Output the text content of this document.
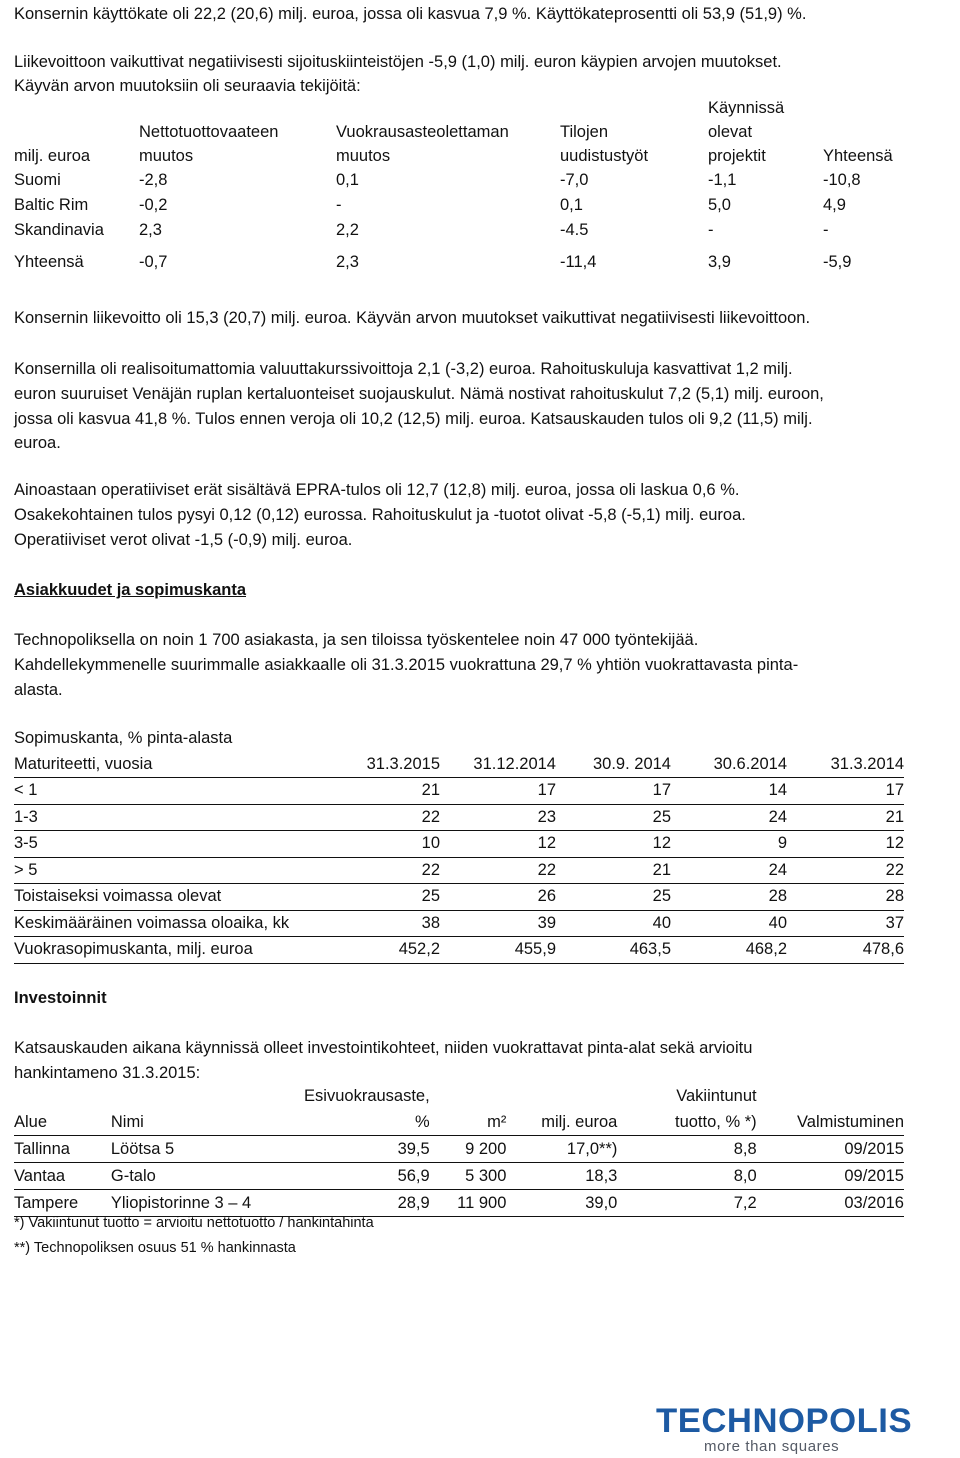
Konsernin käyttökate oli 22,2 (20,6) milj. euroa, jossa oli kasvua 7,9 %. Käyttökateprosentti oli 53,9 (51,9) %.

Liikevoittoon vaikuttivat negatiivisesti sijoituskiinteistöjen -5,9 (1,0) milj. euron käypien arvojen muutokset.

Käyvän arvon muutoksiin oli seuraavia tekijöitä:

				Käynnissä	
	Nettotuottovaateen	Vuokrausasteolettaman	Tilojen	olevat	
milj. euroa	muutos	muutos	uudistustyöt	projektit	Yhteensä
Suomi	-2,8	0,1	-7,0	-1,1	-10,8
Baltic Rim	-0,2	-	0,1	5,0	4,9
Skandinavia	2,3	2,2	-4.5	-	-
Yhteensä	-0,7	2,3	-11,4	3,9	-5,9

Konsernin liikevoitto oli 15,3 (20,7) milj. euroa. Käyvän arvon muutokset vaikuttivat negatiivisesti liikevoittoon.

Konsernilla oli realisoitumattomia valuuttakurssivoittoja 2,1 (-3,2) euroa. Rahoituskuluja kasvattivat 1,2 milj.

euron suuruiset Venäjän ruplan kertaluonteiset suojauskulut. Nämä nostivat rahoituskulut 7,2 (5,1) milj. euroon,

jossa oli kasvua 41,8 %. Tulos ennen veroja oli 10,2 (12,5) milj. euroa. Katsauskauden tulos oli 9,2 (11,5) milj.

euroa.

Ainoastaan operatiiviset erät sisältävä EPRA-tulos oli 12,7 (12,8) milj. euroa, jossa oli laskua 0,6 %.

Osakekohtainen tulos pysyi 0,12 (0,12) eurossa. Rahoituskulut ja -tuotot olivat -5,8 (-5,1) milj. euroa.

Operatiiviset verot olivat -1,5 (-0,9) milj. euroa.

Asiakkuudet ja sopimuskanta

Technopoliksella on noin 1 700 asiakasta, ja sen tiloissa työskentelee noin 47 000 työntekijää.

Kahdellekymmenelle suurimmalle asiakkaalle oli 31.3.2015 vuokrattuna 29,7 % yhtiön vuokrattavasta pinta-

alasta.

Sopimuskanta, % pinta-alasta					
Maturiteetti, vuosia	31.3.2015	31.12.2014	30.9. 2014	30.6.2014	31.3.2014
< 1	21	17	17	14	17
1-3	22	23	25	24	21
3-5	10	12	12	9	12
> 5	22	22	21	24	22
Toistaiseksi voimassa olevat	25	26	25	28	28
Keskimääräinen voimassa oloaika, kk	38	39	40	40	37
Vuokrasopimuskanta, milj. euroa	452,2	455,9	463,5	468,2	478,6

Investoinnit

Katsauskauden aikana käynnissä olleet investointikohteet, niiden vuokrattavat pinta-alat sekä arvioitu

hankintameno 31.3.2015:

		Esivuokrausaste,			Vakiintunut	
Alue	Nimi	%	m²	milj. euroa	tuotto, % *)	Valmistuminen
Tallinna	Löötsa 5	39,5	9 200	17,0**)	8,8	09/2015
Vantaa	G-talo	56,9	5 300	18,3	8,0	09/2015
Tampere	Yliopistorinne 3 – 4	28,9	11 900	39,0	7,2	03/2016

*) Vakiintunut tuotto = arvioitu nettotuotto / hankintahinta

**) Technopoliksen osuus 51 % hankinnasta

TECHNOPOLIS
more than squares
